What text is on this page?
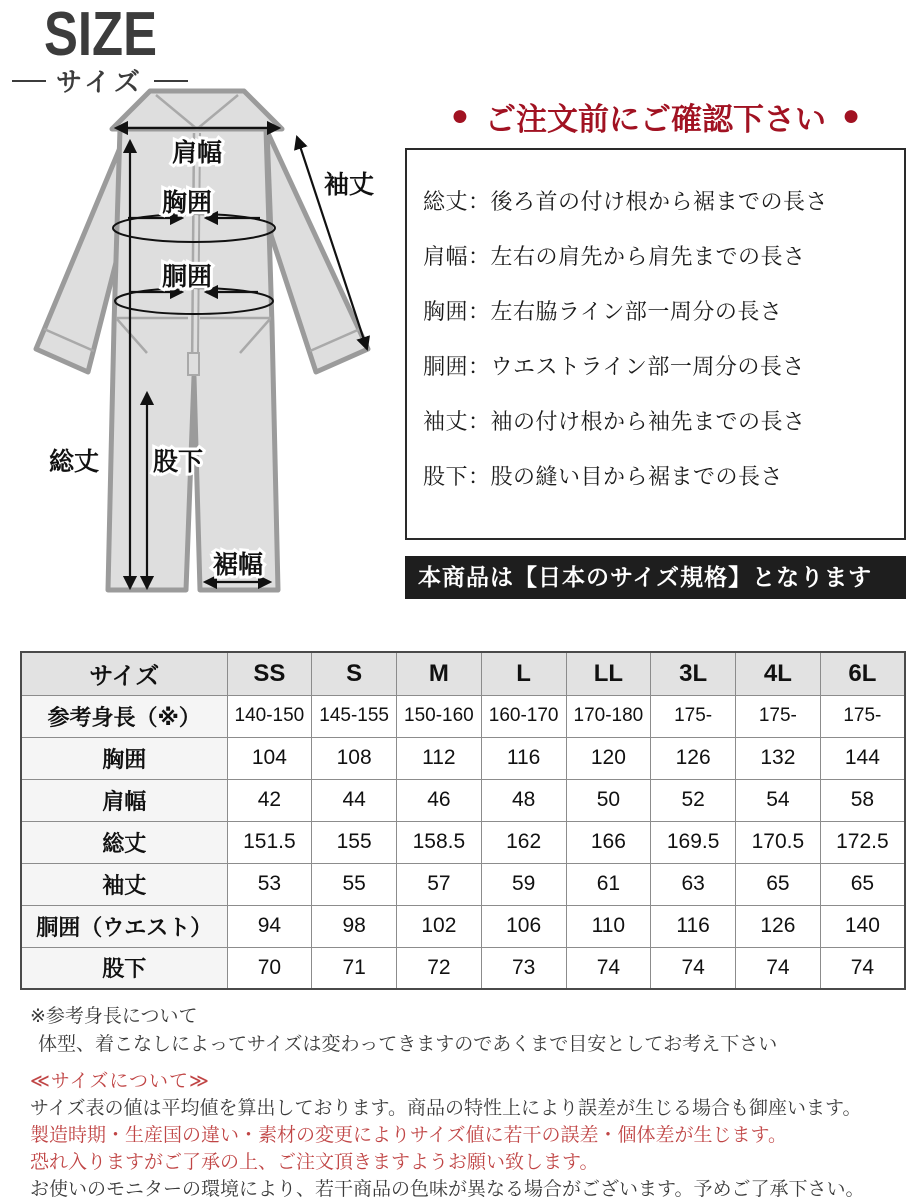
SIZE
サイズ
肩幅
袖丈
胸囲
胴囲
総丈 股下
裾幅
● ご注文前にご確認下さい ●
総丈：後ろ首の付け根から裾までの長さ
肩幅：左右の肩先から肩先までの長さ
胸囲：左右脇ライン部一周分の長さ
胴囲：ウエストライン部一周分の長さ
袖丈：袖の付け根から袖先までの長さ
股下：股の縫い目から裾までの長さ
本商品は【日本のサイズ規格】となります
サイズ	SS	S	M	L	LL	3L	4L	6L
参考身長（※）	140-150	145-155	150-160	160-170	170-180	175-	175-	175-
胸囲	104	108	112	116	120	126	132	144
肩幅	42	44	46	48	50	52	54	58
総丈	151.5	155	158.5	162	166	169.5	170.5	172.5
袖丈	53	55	57	59	61	63	65	65
胴囲（ウエスト）	94	98	102	106	110	116	126	140
股下	70	71	72	73	74	74	74	74
※参考身長について
体型、着こなしによってサイズは変わってきますのであくまで目安としてお考え下さい
≪サイズについて≫
サイズ表の値は平均値を算出しております。商品の特性上により誤差が生じる場合も御座います。
製造時期・生産国の違い・素材の変更によりサイズ値に若干の誤差・個体差が生じます。
恐れ入りますがご了承の上、ご注文頂きますようお願い致します。
お使いのモニターの環境により、若干商品の色味が異なる場合がございます。予めご了承下さい。
